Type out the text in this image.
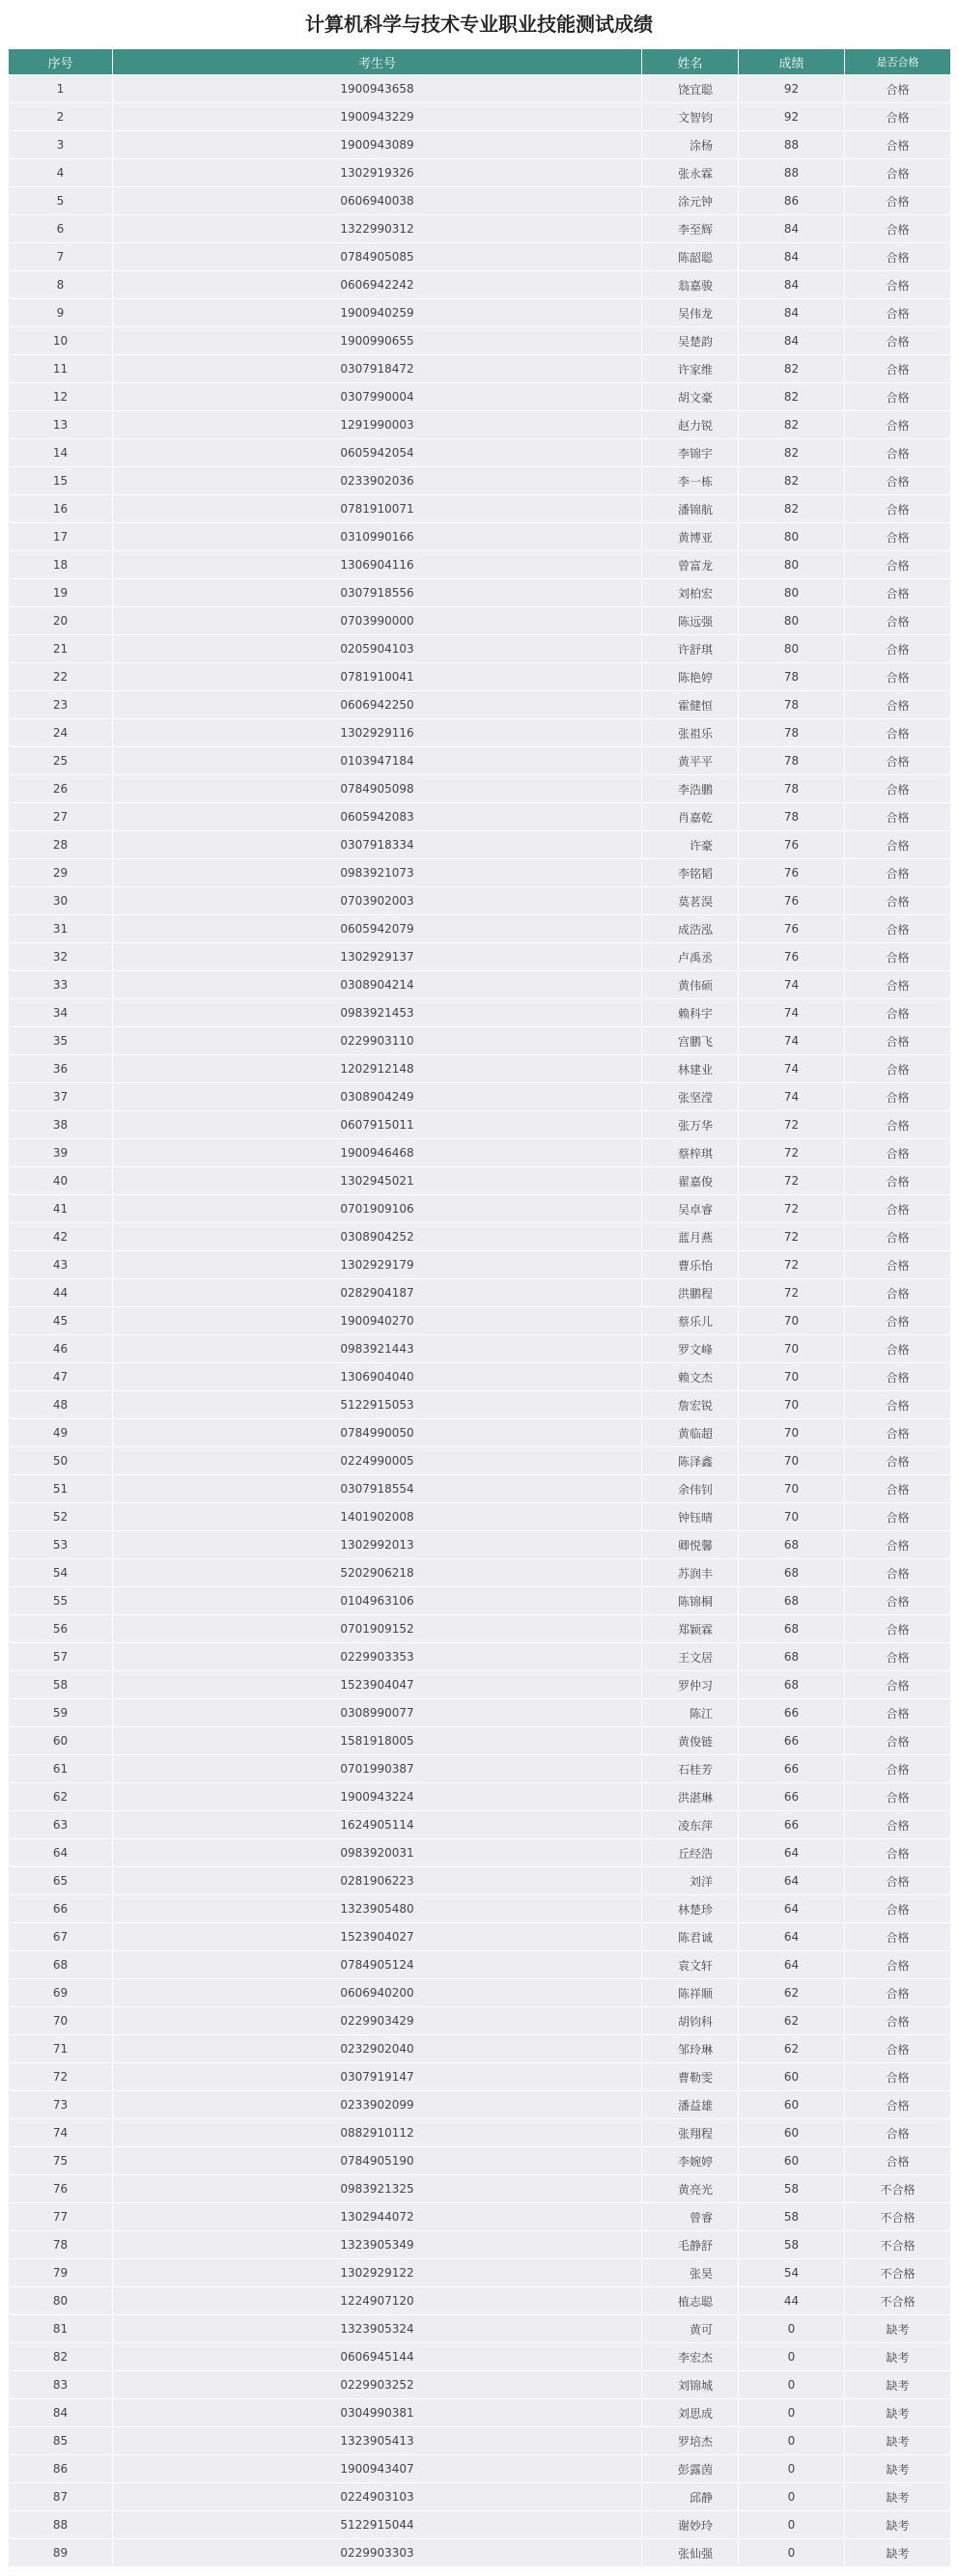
计算机科学与技术专业职业技能测试成绩
序号	考生号	姓名	成绩	是否合格
1	1900943658	饶宜聪	92	合格
2	1900943229	文智钧	92	合格
3	1900943089	涂杨	88	合格
4	1302919326	张永霖	88	合格
5	0606940038	涂元钟	86	合格
6	1322990312	李至辉	84	合格
7	0784905085	陈韶聪	84	合格
8	0606942242	翁嘉骏	84	合格
9	1900940259	吴伟龙	84	合格
10	1900990655	吴楚韵	84	合格
11	0307918472	许家维	82	合格
12	0307990004	胡文豪	82	合格
13	1291990003	赵力锐	82	合格
14	0605942054	李锦宇	82	合格
15	0233902036	李一栋	82	合格
16	0781910071	潘锦航	82	合格
17	0310990166	黄博亚	80	合格
18	1306904116	曾富龙	80	合格
19	0307918556	刘柏宏	80	合格
20	0703990000	陈远强	80	合格
21	0205904103	许舒琪	80	合格
22	0781910041	陈艳婷	78	合格
23	0606942250	霍健恒	78	合格
24	1302929116	张祖乐	78	合格
25	0103947184	黄平平	78	合格
26	0784905098	李浩鹏	78	合格
27	0605942083	肖嘉乾	78	合格
28	0307918334	许豪	76	合格
29	0983921073	李铭韬	76	合格
30	0703902003	莫茗淏	76	合格
31	0605942079	成浩泓	76	合格
32	1302929137	卢禹丞	76	合格
33	0308904214	黄伟硕	74	合格
34	0983921453	赖科宇	74	合格
35	0229903110	宫鹏飞	74	合格
36	1202912148	林建业	74	合格
37	0308904249	张坚滢	74	合格
38	0607915011	张万华	72	合格
39	1900946468	蔡梓琪	72	合格
40	1302945021	翟嘉俊	72	合格
41	0701909106	吴卓睿	72	合格
42	0308904252	蓝月燕	72	合格
43	1302929179	曹乐怡	72	合格
44	0282904187	洪鹏程	72	合格
45	1900940270	蔡乐儿	70	合格
46	0983921443	罗文峰	70	合格
47	1306904040	赖文杰	70	合格
48	5122915053	詹宏锐	70	合格
49	0784990050	黄临超	70	合格
50	0224990005	陈泽鑫	70	合格
51	0307918554	余伟钊	70	合格
52	1401902008	钟钰晴	70	合格
53	1302992013	卿悦馨	68	合格
54	5202906218	苏润丰	68	合格
55	0104963106	陈锦桐	68	合格
56	0701909152	郑颖霖	68	合格
57	0229903353	王文居	68	合格
58	1523904047	罗仲习	68	合格
59	0308990077	陈江	66	合格
60	1581918005	黄俊链	66	合格
61	0701990387	石桂芳	66	合格
62	1900943224	洪湛琳	66	合格
63	1624905114	凌东萍	66	合格
64	0983920031	丘经浩	64	合格
65	0281906223	刘洋	64	合格
66	1323905480	林楚珍	64	合格
67	1523904027	陈君诚	64	合格
68	0784905124	袁文轩	64	合格
69	0606940200	陈祥顺	62	合格
70	0229903429	胡钧科	62	合格
71	0232902040	邹玲琳	62	合格
72	0307919147	曹勒雯	60	合格
73	0233902099	潘益雄	60	合格
74	0882910112	张翔程	60	合格
75	0784905190	李婉婷	60	合格
76	0983921325	黄亮光	58	不合格
77	1302944072	曾睿	58	不合格
78	1323905349	毛静舒	58	不合格
79	1302929122	张昊	54	不合格
80	1224907120	植志聪	44	不合格
81	1323905324	黄可	0	缺考
82	0606945144	李宏杰	0	缺考
83	0229903252	刘锦城	0	缺考
84	0304990381	刘思成	0	缺考
85	1323905413	罗培杰	0	缺考
86	1900943407	彭露茵	0	缺考
87	0224903103	邱静	0	缺考
88	5122915044	谢妙玲	0	缺考
89	0229903303	张仙强	0	缺考
